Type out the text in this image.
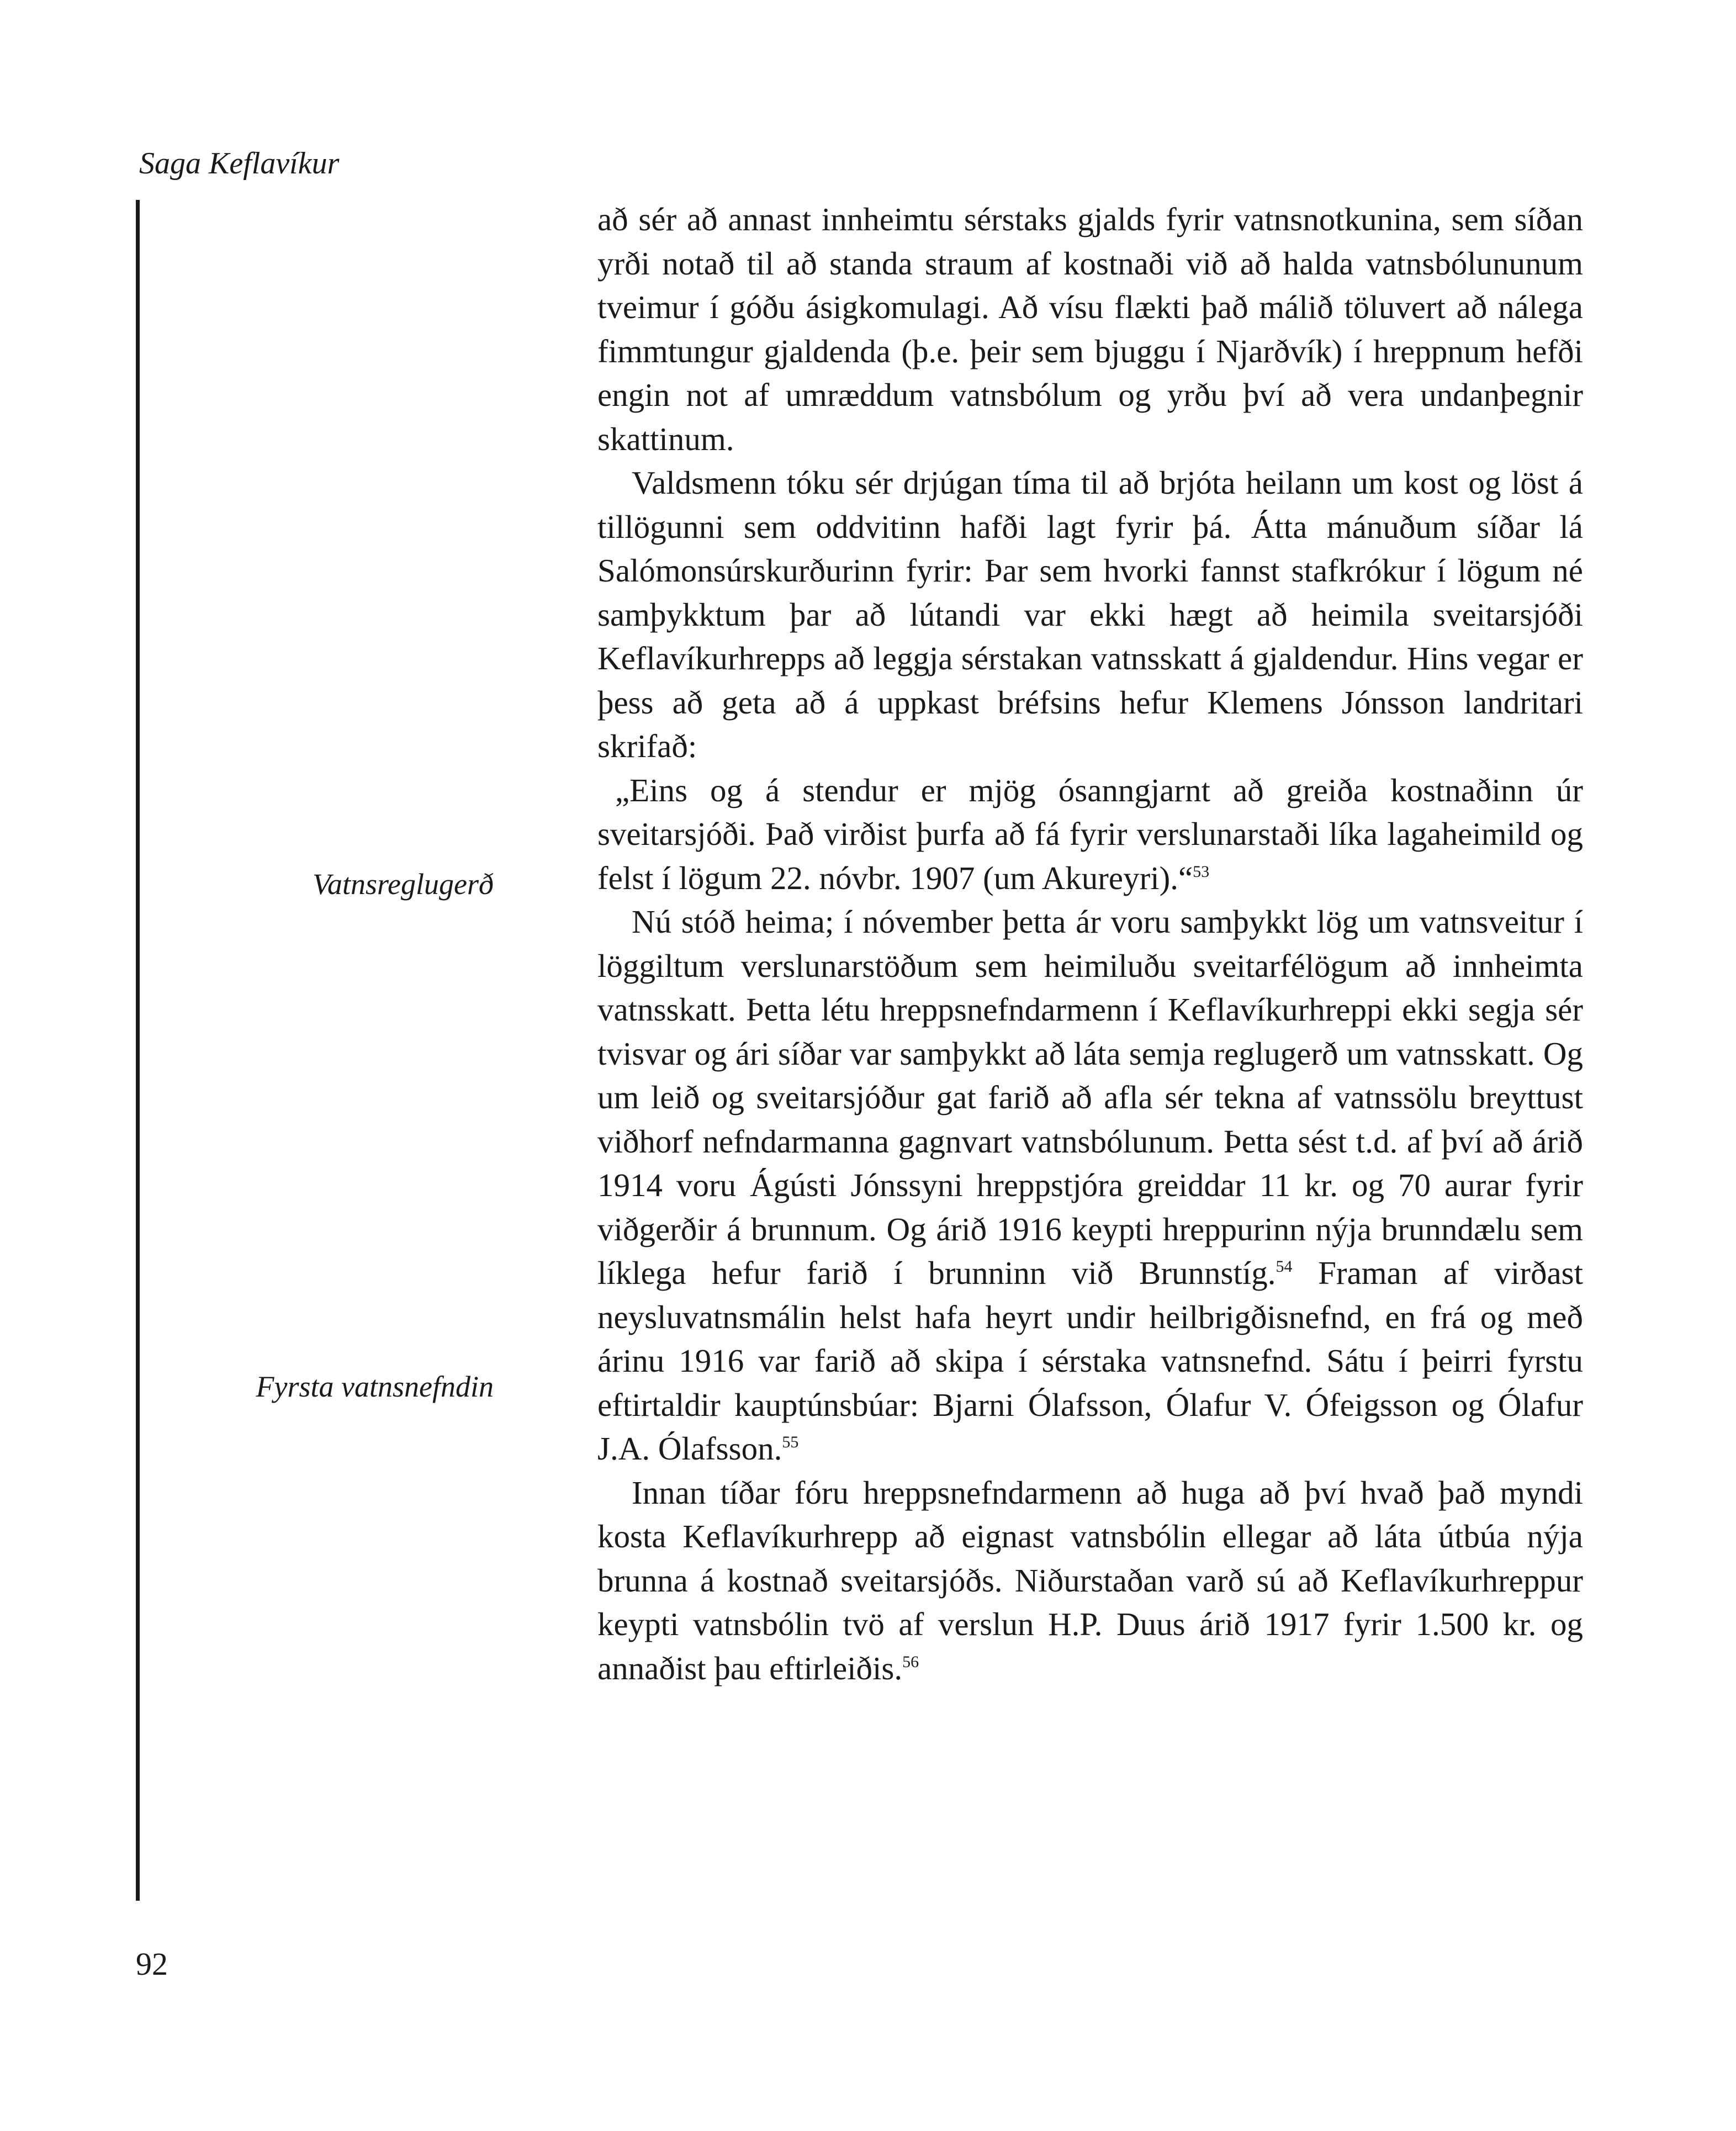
Saga Keflavíkur
Vatnsreglugerð
Fyrsta vatnsnefndin

að sér að annast innheimtu sérstaks gjalds fyrir vatnsnotkunina, sem síðan yrði notað til að standa straum af kostnaði við að halda vatnsbólununum tveimur í góðu ásigkomulagi. Að vísu flækti það málið töluvert að nálega fimmtungur gjaldenda (þ.e. þeir sem bjuggu í Njarðvík) í hreppnum hefði engin not af umræddum vatnsbólum og yrðu því að vera undanþegnir skattinum.

Valdsmenn tóku sér drjúgan tíma til að brjóta heilann um kost og löst á tillögunni sem oddvitinn hafði lagt fyrir þá. Átta mánuðum síðar lá Salómonsúrskurðurinn fyrir: Þar sem hvorki fannst stafkrókur í lögum né samþykktum þar að lútandi var ekki hægt að heimila sveitarsjóði Keflavíkurhrepps að leggja sérstakan vatnsskatt á gjaldendur. Hins vegar er þess að geta að á uppkast bréfsins hefur Klemens Jónsson landritari skrifað:

„Eins og á stendur er mjög ósanngjarnt að greiða kostnaðinn úr sveitarsjóði. Það virðist þurfa að fá fyrir verslunarstaði líka lagaheimild og felst í lögum 22. nóvbr. 1907 (um Akureyri).“$^{53}$

Nú stóð heima; í nóvember þetta ár voru samþykkt lög um vatnsveitur í löggiltum verslunarstöðum sem heimiluðu sveitarfélögum að innheimta vatnsskatt. Þetta létu hreppsnefndarmenn í Keflavíkurhreppi ekki segja sér tvisvar og ári síðar var samþykkt að láta semja reglugerð um vatnsskatt. Og um leið og sveitarsjóður gat farið að afla sér tekna af vatnssölu breyttust viðhorf nefndarmanna gagnvart vatnsbólunum. Þetta sést t.d. af því að árið 1914 voru Ágústi Jónssyni hreppstjóra greiddar 11 kr. og 70 aurar fyrir viðgerðir á brunnum. Og árið 1916 keypti hreppurinn nýja brunndælu sem líklega hefur farið í brunninn við Brunnstíg.$^{54}$ Framan af virðast neysluvatnsmálin helst hafa heyrt undir heilbrigðisnefnd, en frá og með árinu 1916 var farið að skipa í sérstaka vatnsnefnd. Sátu í þeirri fyrstu eftirtaldir kauptúnsbúar: Bjarni Ólafsson, Ólafur V. Ófeigsson og Ólafur J.A. Ólafsson.$^{55}$

Innan tíðar fóru hreppsnefndarmenn að huga að því hvað það myndi kosta Keflavíkurhrepp að eignast vatnsbólin ellegar að láta útbúa nýja brunna á kostnað sveitarsjóðs. Niðurstaðan varð sú að Keflavíkurhreppur keypti vatnsbólin tvö af verslun H.P. Duus árið 1917 fyrir 1.500 kr. og annaðist þau eftirleiðis.$^{56}$

92
